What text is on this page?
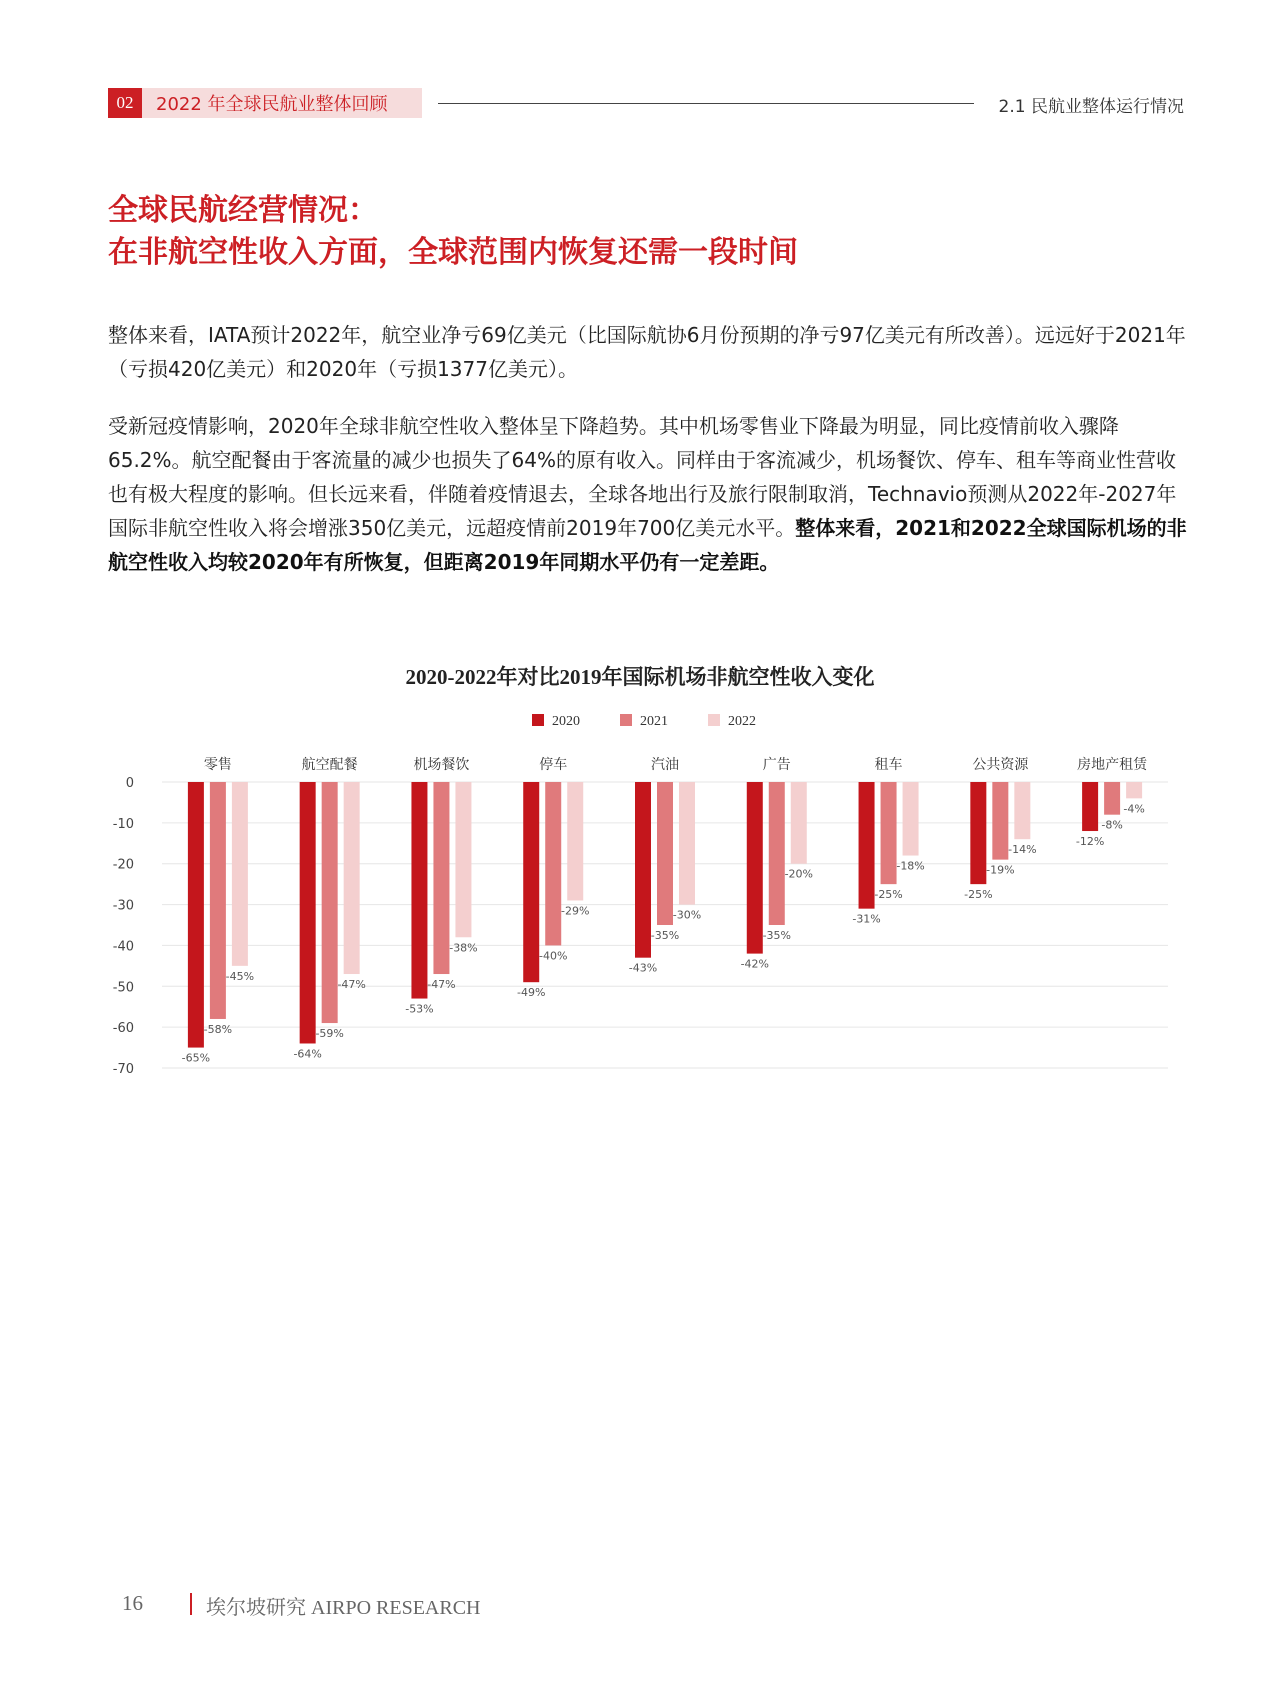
02	2022 年全球民航业整体回顾	2.1 民航业整体运行情况
全球民航经营情况：
在非航空性收入方面，全球范围内恢复还需一段时间

整体来看，IATA预计2022年，航空业净亏69亿美元（比国际航协6月份预期的净亏97亿美元有所改善）。远远好于2021年（亏损420亿美元）和2020年（亏损1377亿美元）。

受新冠疫情影响，2020年全球非航空性收入整体呈下降趋势。其中机场零售业下降最为明显，同比疫情前收入骤降65.2%。航空配餐由于客流量的减少也损失了64%的原有收入。同样由于客流减少，机场餐饮、停车、租车等商业性营收也有极大程度的影响。但长远来看，伴随着疫情退去，全球各地出行及旅行限制取消，Technavio预测从2022年-2027年国际非航空性收入将会增涨350亿美元，远超疫情前2019年700亿美元水平。整体来看，2021和2022全球国际机场的非航空性收入均较2020年有所恢复，但距离2019年同期水平仍有一定差距。

2020-2022年对比2019年国际机场非航空性收入变化
2020	2021	2022
0
-10
-20
-30
-40
-50
-60
-70
零售
-65%
-58%
-45%
航空配餐
-64%
-59%
-47%
机场餐饮
-53%
-47%
-38%
停车
-49%
-40%
-29%
汽油
-43%
-35%
-30%
广告
-42%
-35%
-20%
租车
-31%
-25%
-18%
公共资源
-25%
-19%
-14%
房地产租赁
-12%
-8%
-4%
16	埃尔坡研究 AIRPO RESEARCH
